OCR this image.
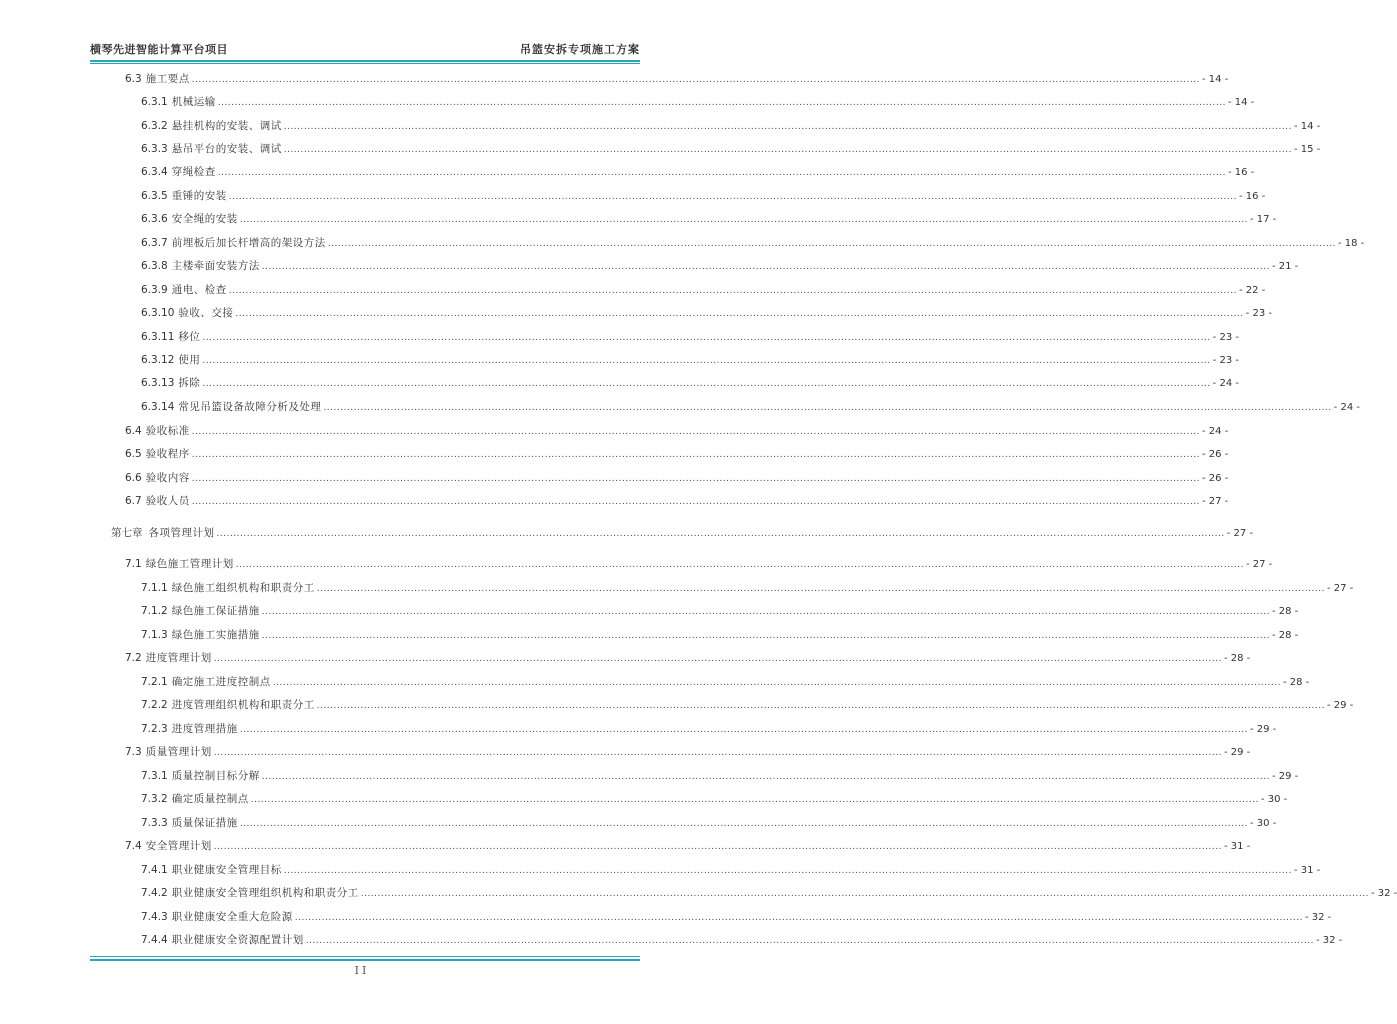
横琴先进智能计算平台项目	吊篮安拆专项施工方案
6.3 施工要点 ............................................................................................................................................................................................................................................................................................................ - 14 -
6.3.1 机械运输 ............................................................................................................................................................................................................................................................................................................ - 14 -
6.3.2 悬挂机构的安装、调试 ............................................................................................................................................................................................................................................................................................................ - 14 -
6.3.3 悬吊平台的安装、调试 ............................................................................................................................................................................................................................................................................................................ - 15 -
6.3.4 穿绳检查 ............................................................................................................................................................................................................................................................................................................ - 16 -
6.3.5 重锤的安装 ............................................................................................................................................................................................................................................................................................................ - 16 -
6.3.6 安全绳的安装 ............................................................................................................................................................................................................................................................................................................ - 17 -
6.3.7 前埋板后加长杆增高的架设方法 ............................................................................................................................................................................................................................................................................................................ - 18 -
6.3.8 主楼牵面安装方法 ............................................................................................................................................................................................................................................................................................................ - 21 -
6.3.9 通电、检查 ............................................................................................................................................................................................................................................................................................................ - 22 -
6.3.10 验收、交接 ............................................................................................................................................................................................................................................................................................................ - 23 -
6.3.11 移位 ............................................................................................................................................................................................................................................................................................................ - 23 -
6.3.12 使用 ............................................................................................................................................................................................................................................................................................................ - 23 -
6.3.13 拆除 ............................................................................................................................................................................................................................................................................................................ - 24 -
6.3.14 常见吊篮设备故障分析及处理 ............................................................................................................................................................................................................................................................................................................ - 24 -
6.4 验收标准 ............................................................................................................................................................................................................................................................................................................ - 24 -
6.5 验收程序 ............................................................................................................................................................................................................................................................................................................ - 26 -
6.6 验收内容 ............................................................................................................................................................................................................................................................................................................ - 26 -
6.7 验收人员 ............................................................................................................................................................................................................................................................................................................ - 27 -
第七章 各项管理计划 ............................................................................................................................................................................................................................................................................................................ - 27 -
7.1 绿色施工管理计划 ............................................................................................................................................................................................................................................................................................................ - 27 -
7.1.1 绿色施工组织机构和职责分工 ............................................................................................................................................................................................................................................................................................................ - 27 -
7.1.2 绿色施工保证措施 ............................................................................................................................................................................................................................................................................................................ - 28 -
7.1.3 绿色施工实施措施 ............................................................................................................................................................................................................................................................................................................ - 28 -
7.2 进度管理计划 ............................................................................................................................................................................................................................................................................................................ - 28 -
7.2.1 确定施工进度控制点 ............................................................................................................................................................................................................................................................................................................ - 28 -
7.2.2 进度管理组织机构和职责分工 ............................................................................................................................................................................................................................................................................................................ - 29 -
7.2.3 进度管理措施 ............................................................................................................................................................................................................................................................................................................ - 29 -
7.3 质量管理计划 ............................................................................................................................................................................................................................................................................................................ - 29 -
7.3.1 质量控制目标分解 ............................................................................................................................................................................................................................................................................................................ - 29 -
7.3.2 确定质量控制点 ............................................................................................................................................................................................................................................................................................................ - 30 -
7.3.3 质量保证措施 ............................................................................................................................................................................................................................................................................................................ - 30 -
7.4 安全管理计划 ............................................................................................................................................................................................................................................................................................................ - 31 -
7.4.1 职业健康安全管理目标 ............................................................................................................................................................................................................................................................................................................ - 31 -
7.4.2 职业健康安全管理组织机构和职责分工 ............................................................................................................................................................................................................................................................................................................ - 32 -
7.4.3 职业健康安全重大危险源 ............................................................................................................................................................................................................................................................................................................ - 32 -
7.4.4 职业健康安全资源配置计划 ............................................................................................................................................................................................................................................................................................................ - 32 -
II
